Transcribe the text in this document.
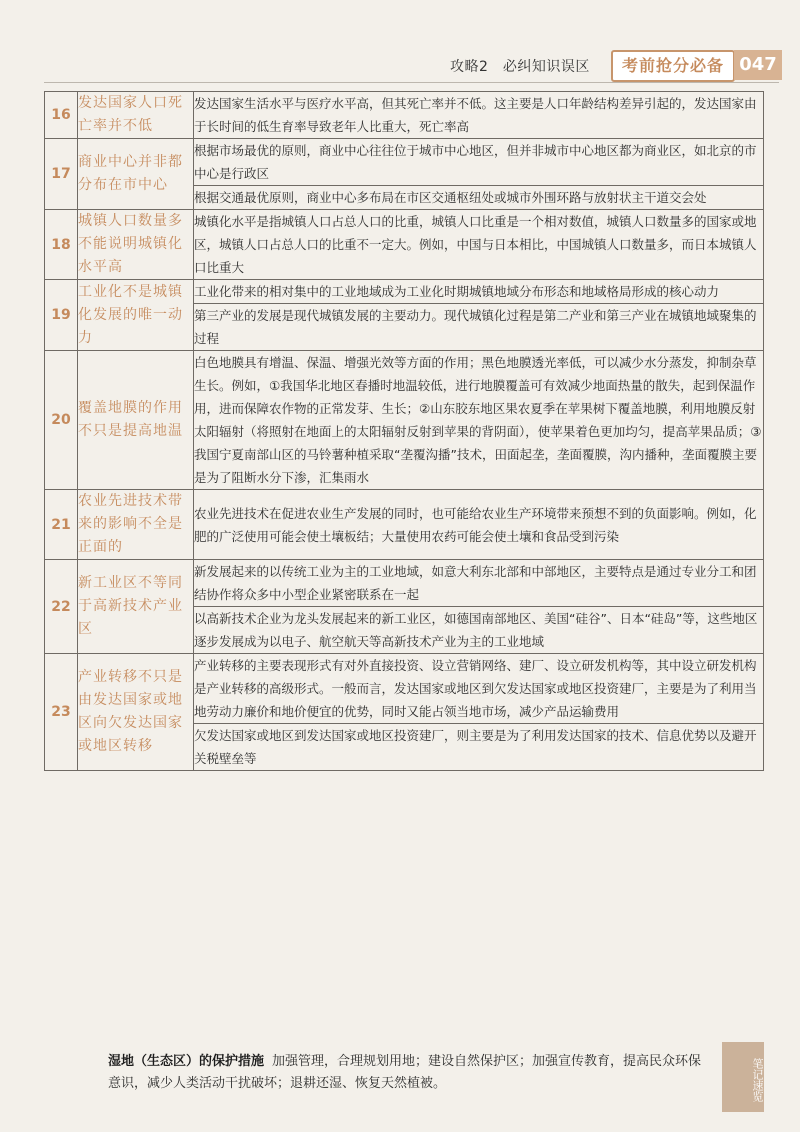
攻略2　必纠知识误区	考前抢分必备 047
16	发达国家人口死亡率并不低	发达国家生活水平与医疗水平高，但其死亡率并不低。这主要是人口年龄结构差异引起的，发达国家由于长时间的低生育率导致老年人比重大，死亡率高
17	商业中心并非都分布在市中心	根据市场最优的原则，商业中心往往位于城市中心地区，但并非城市中心地区都为商业区，如北京的市中心是行政区
		根据交通最优原则，商业中心多布局在市区交通枢纽处或城市外围环路与放射状主干道交会处
18	城镇人口数量多不能说明城镇化水平高	城镇化水平是指城镇人口占总人口的比重，城镇人口比重是一个相对数值，城镇人口数量多的国家或地区，城镇人口占总人口的比重不一定大。例如，中国与日本相比，中国城镇人口数量多，而日本城镇人口比重大
19	工业化不是城镇化发展的唯一动力	工业化带来的相对集中的工业地域成为工业化时期城镇地域分布形态和地域格局形成的核心动力
		第三产业的发展是现代城镇发展的主要动力。现代城镇化过程是第二产业和第三产业在城镇地域聚集的过程
20	覆盖地膜的作用不只是提高地温	白色地膜具有增温、保温、增强光效等方面的作用；黑色地膜透光率低，可以减少水分蒸发，抑制杂草生长。例如，①我国华北地区春播时地温较低，进行地膜覆盖可有效减少地面热量的散失，起到保温作用，进而保障农作物的正常发芽、生长；②山东胶东地区果农夏季在苹果树下覆盖地膜，利用地膜反射太阳辐射（将照射在地面上的太阳辐射反射到苹果的背阴面），使苹果着色更加均匀，提高苹果品质；③我国宁夏南部山区的马铃薯种植采取“垄覆沟播”技术，田面起垄，垄面覆膜，沟内播种，垄面覆膜主要是为了阻断水分下渗，汇集雨水
21	农业先进技术带来的影响不全是正面的	农业先进技术在促进农业生产发展的同时，也可能给农业生产环境带来预想不到的负面影响。例如，化肥的广泛使用可能会使土壤板结；大量使用农药可能会使土壤和食品受到污染
22	新工业区不等同于高新技术产业区	新发展起来的以传统工业为主的工业地域，如意大利东北部和中部地区，主要特点是通过专业分工和团结协作将众多中小型企业紧密联系在一起
		以高新技术企业为龙头发展起来的新工业区，如德国南部地区、美国“硅谷”、日本“硅岛”等，这些地区逐步发展成为以电子、航空航天等高新技术产业为主的工业地域
23	产业转移不只是由发达国家或地区向欠发达国家或地区转移	产业转移的主要表现形式有对外直接投资、设立营销网络、建厂、设立研发机构等，其中设立研发机构是产业转移的高级形式。一般而言，发达国家或地区到欠发达国家或地区投资建厂，主要是为了利用当地劳动力廉价和地价便宜的优势，同时又能占领当地市场，减少产品运输费用
		欠发达国家或地区到发达国家或地区投资建厂，则主要是为了利用发达国家的技术、信息优势以及避开关税壁垒等
湿地（生态区）的保护措施 加强管理，合理规划用地；建设自然保护区；加强宣传教育，提高民众环保意识，减少人类活动干扰破坏；退耕还湿、恢复天然植被。	笔记速览
